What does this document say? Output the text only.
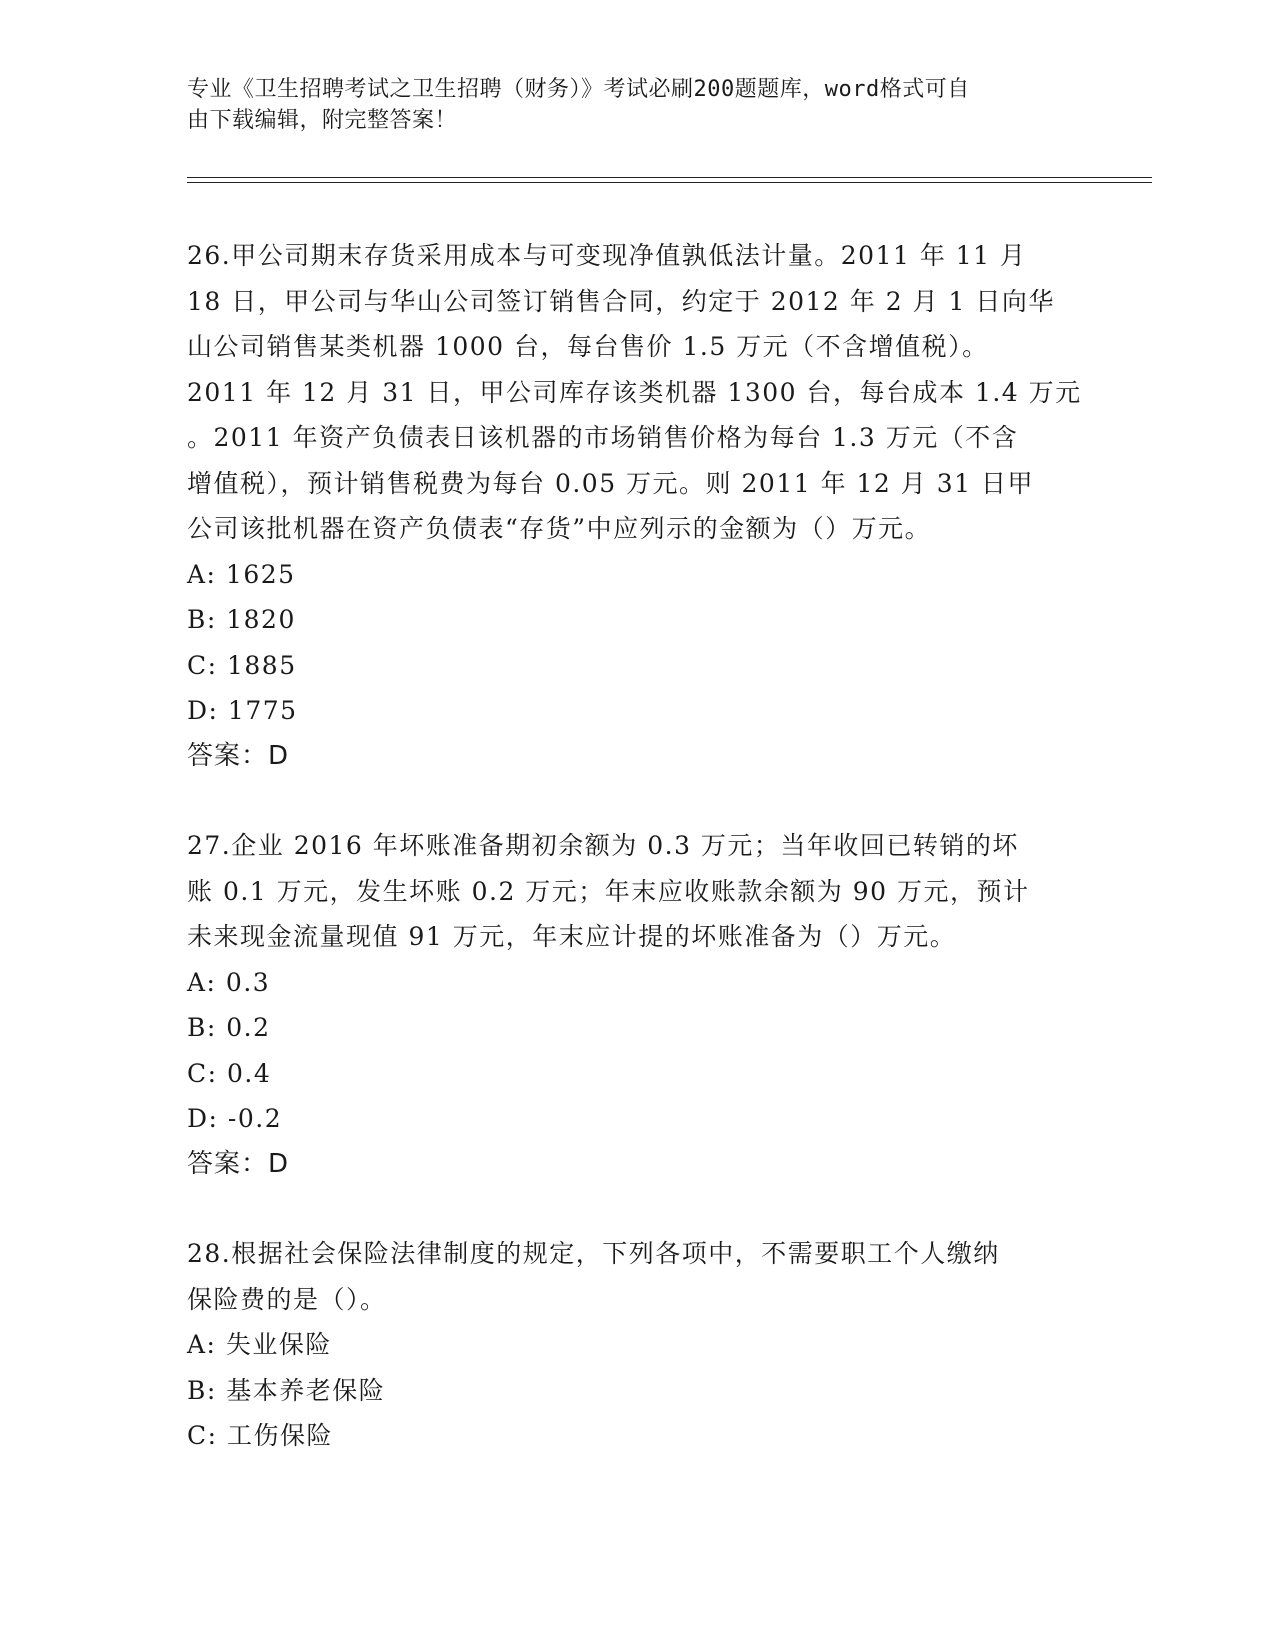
专业《卫生招聘考试之卫生招聘（财务）》考试必刷200题题库，word格式可自
由下载编辑，附完整答案！

26.甲公司期末存货采用成本与可变现净值孰低法计量。2011 年 11 月
18 日，甲公司与华山公司签订销售合同，约定于 2012 年 2 月 1 日向华
山公司销售某类机器 1000 台，每台售价 1.5 万元（不含增值税）。
2011 年 12 月 31 日，甲公司库存该类机器 1300 台，每台成本 1.4 万元
。2011 年资产负债表日该机器的市场销售价格为每台 1.3 万元（不含
增值税），预计销售税费为每台 0.05 万元。则 2011 年 12 月 31 日甲
公司该批机器在资产负债表“存货”中应列示的金额为（）万元。

A: 1625

B: 1820

C: 1885

D: 1775

答案：D

27.企业 2016 年坏账准备期初余额为 0.3 万元；当年收回已转销的坏
账 0.1 万元，发生坏账 0.2 万元；年末应收账款余额为 90 万元，预计
未来现金流量现值 91 万元，年末应计提的坏账准备为（）万元。

A: 0.3

B: 0.2

C: 0.4

D: -0.2

答案：D

28.根据社会保险法律制度的规定，下列各项中，不需要职工个人缴纳
保险费的是（）。

A: 失业保险

B: 基本养老保险

C: 工伤保险
